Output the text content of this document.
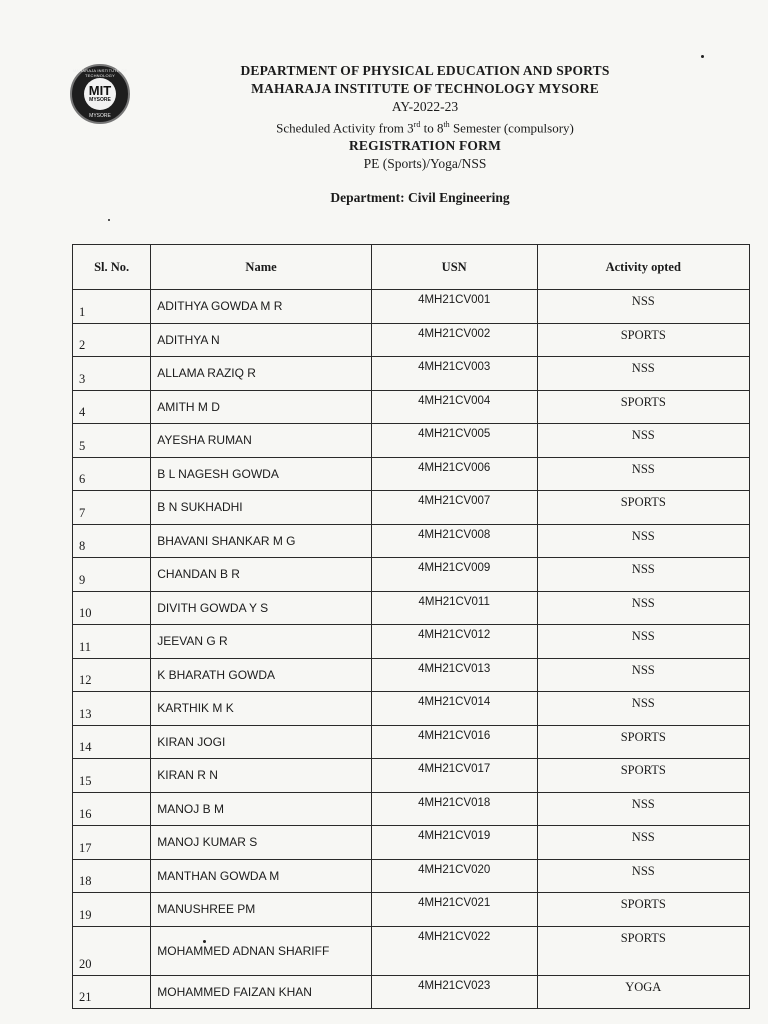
MAHARAJA INSTITUTE OF TECHNOLOGY
MIT
MYSORE
MYSORE
DEPARTMENT OF PHYSICAL EDUCATION AND SPORTS
MAHARAJA INSTITUTE OF TECHNOLOGY MYSORE
AY-2022-23
Scheduled Activity from 3rd to 8th Semester (compulsory)
REGISTRATION FORM
PE (Sports)/Yoga/NSS
Department: Civil Engineering
Sl. No.	Name	USN	Activity opted
1	ADITHYA GOWDA M R	4MH21CV001	NSS
2	ADITHYA N	4MH21CV002	SPORTS
3	ALLAMA RAZIQ R	4MH21CV003	NSS
4	AMITH M D	4MH21CV004	SPORTS
5	AYESHA RUMAN	4MH21CV005	NSS
6	B L NAGESH GOWDA	4MH21CV006	NSS
7	B N SUKHADHI	4MH21CV007	SPORTS
8	BHAVANI SHANKAR M G	4MH21CV008	NSS
9	CHANDAN B R	4MH21CV009	NSS
10	DIVITH GOWDA Y S	4MH21CV011	NSS
11	JEEVAN G R	4MH21CV012	NSS
12	K BHARATH GOWDA	4MH21CV013	NSS
13	KARTHIK M K	4MH21CV014	NSS
14	KIRAN JOGI	4MH21CV016	SPORTS
15	KIRAN R N	4MH21CV017	SPORTS
16	MANOJ B M	4MH21CV018	NSS
17	MANOJ KUMAR S	4MH21CV019	NSS
18	MANTHAN GOWDA M	4MH21CV020	NSS
19	MANUSHREE PM	4MH21CV021	SPORTS
20	MOHAMMED ADNAN SHARIFF	4MH21CV022	SPORTS
21	MOHAMMED FAIZAN KHAN	4MH21CV023	YOGA
